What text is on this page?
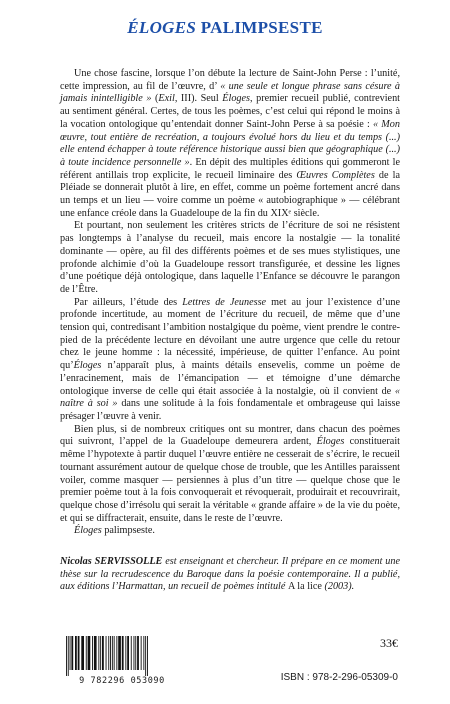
ÉLOGES PALIMPSESTE

Une chose fascine, lorsque l’on débute la lecture de Saint-John Perse : l’unité, cette impression, au fil de l’œuvre, d’ « une seule et longue phrase sans césure à jamais inintelligible » (Exil, III). Seul Éloges, premier recueil publié, contrevient au sentiment général. Certes, de tous les poèmes, c’est celui qui répond le moins à la vocation ontologique qu’entendait donner Saint-John Perse à sa poésie : « Mon œuvre, tout entière de recréation, a toujours évolué hors du lieu et du temps (...) elle entend échapper à toute référence historique aussi bien que géographique (...) à toute incidence personnelle ». En dépit des multiples éditions qui gommeront le référent antillais trop explicite, le recueil liminaire des Œuvres Complètes de la Pléiade se donnerait plutôt à lire, en effet, comme un poème fortement ancré dans un temps et un lieu — voire comme un poème « autobiographique » — célébrant une enfance créole dans la Guadeloupe de la fin du XIXᵉ siècle.

Et pourtant, non seulement les critères stricts de l’écriture de soi ne résistent pas longtemps à l’analyse du recueil, mais encore la nostalgie — la tonalité dominante — opère, au fil des différents poèmes et de ses mues stylistiques, une profonde alchimie d’où la Guadeloupe ressort transfigurée, et dessine les lignes d’une poétique déjà ontologique, dans laquelle l’Enfance se découvre le parangon de l’Être.

Par ailleurs, l’étude des Lettres de Jeunesse met au jour l’existence d’une profonde incertitude, au moment de l’écriture du recueil, de même que d’une tension qui, contredisant l’ambition nostalgique du poème, vient prendre le contre-pied de la précédente lecture en dévoilant une autre urgence que celle du retour chez le jeune homme : la nécessité, impérieuse, de quitter l’enfance. Au point qu’Éloges n’apparaît plus, à maints détails ensevelis, comme un poème de l’enracinement, mais de l’émancipation — et témoigne d’une démarche ontologique inverse de celle qui était associée à la nostalgie, où il convient de « naître à soi » dans une solitude à la fois fondamentale et ombrageuse qui laisse présager l’œuvre à venir.

Bien plus, si de nombreux critiques ont su montrer, dans chacun des poèmes qui suivront, l’appel de la Guadeloupe demeurera ardent, Éloges constituerait même l’hypotexte à partir duquel l’œuvre entière ne cesserait de s’écrire, le recueil tournant assurément autour de quelque chose de trouble, que les Antilles paraissent voiler, comme masquer — persiennes à plus d’un titre — quelque chose que le premier poème tout à la fois convoquerait et révoquerait, produirait et recouvrirait, quelque chose d’irrésolu qui serait la véritable « grande affaire » de la vie du poète, et qui se diffracterait, ensuite, dans le reste de l’œuvre.

Éloges palimpseste.

Nicolas SERVISSOLLE est enseignant et chercheur. Il prépare en ce moment une thèse sur la recrudescence du Baroque dans la poésie contemporaine. Il a publié, aux éditions l’Harmattan, un recueil de poèmes intitulé A la lice (2003).
9 782296 053090
33€
ISBN : 978-2-296-05309-0
